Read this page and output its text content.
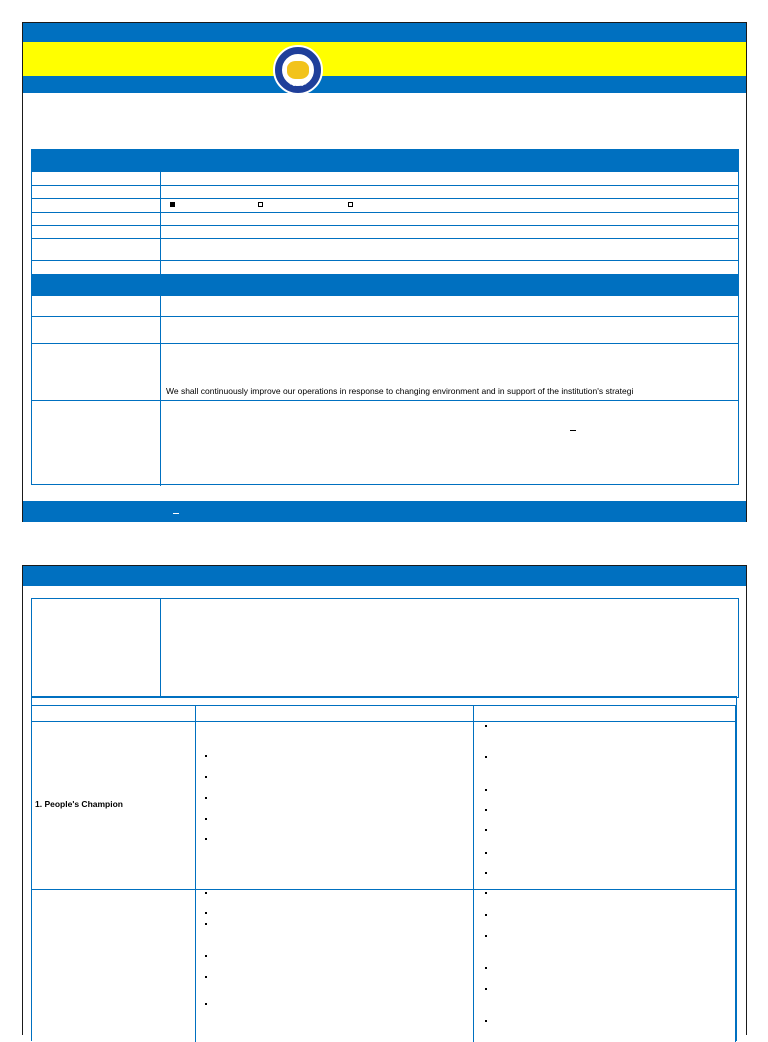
· 1976 ·
We shall continuously improve our operations in response to changing environment and in support of the institution's strategi
1. People's Champion
